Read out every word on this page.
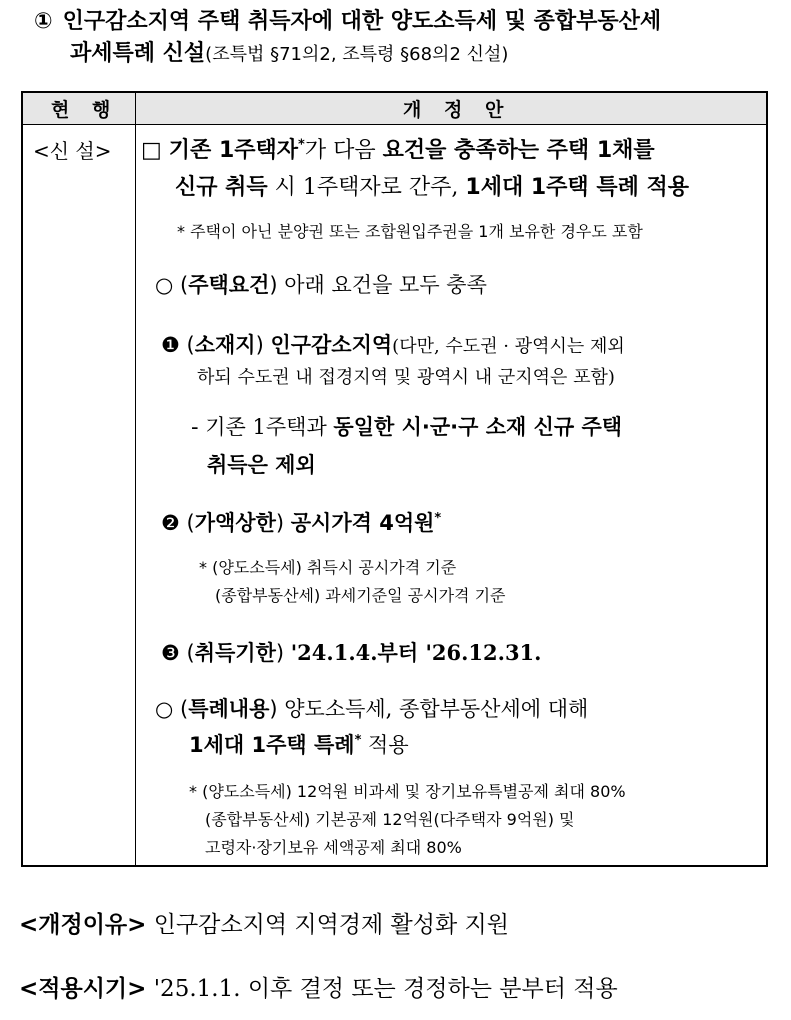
① 인구감소지역 주택 취득자에 대한 양도소득세 및 종합부동산세
과세특례 신설(조특법 §71의2, 조특령 §68의2 신설)
현 행	개 정 안
<신 설> □ 기존 1주택자*가 다음 요건을 충족하는 주택 1채를
신규 취득 시 1주택자로 간주, 1세대 1주택 특례 적용
* 주택이 아닌 분양권 또는 조합원입주권을 1개 보유한 경우도 포함
○ (주택요건) 아래 요건을 모두 충족
❶ (소재지) 인구감소지역(다만, 수도권 · 광역시는 제외
하되 수도권 내 접경지역 및 광역시 내 군지역은 포함)
- 기존 1주택과 동일한 시·군·구 소재 신규 주택
취득은 제외
❷ (가액상한) 공시가격 4억원*
* (양도소득세) 취득시 공시가격 기준
(종합부동산세) 과세기준일 공시가격 기준
❸ (취득기한) '24.1.4.부터 '26.12.31.
○ (특례내용) 양도소득세, 종합부동산세에 대해
1세대 1주택 특례* 적용
* (양도소득세) 12억원 비과세 및 장기보유특별공제 최대 80%
(종합부동산세) 기본공제 12억원(다주택자 9억원) 및
고령자·장기보유 세액공제 최대 80%
<개정이유> 인구감소지역 지역경제 활성화 지원
<적용시기> '25.1.1. 이후 결정 또는 경정하는 분부터 적용
